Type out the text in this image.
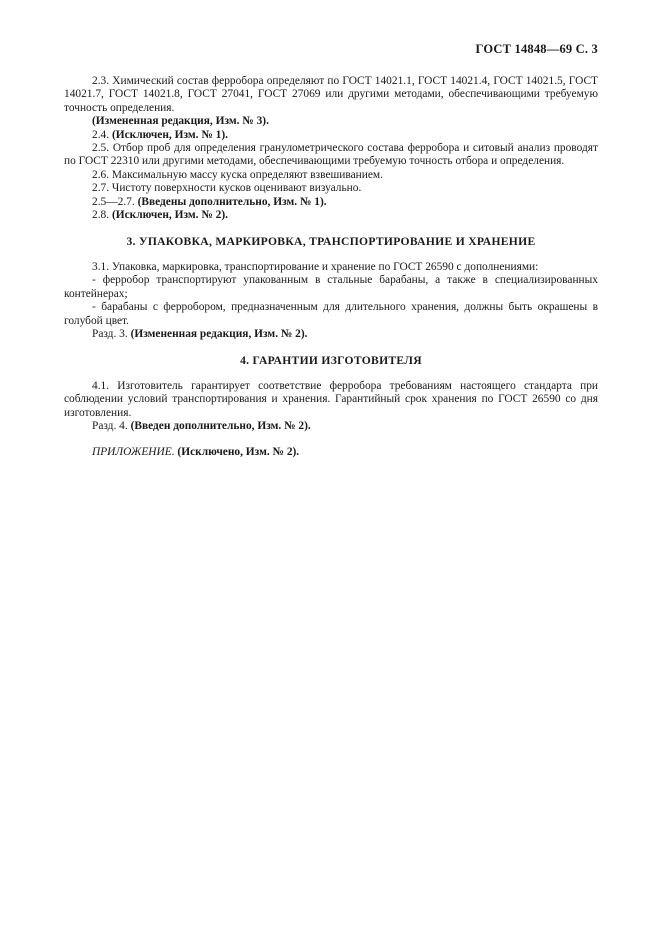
ГОСТ 14848—69 С. 3

2.3. Химический состав ферробора определяют по ГОСТ 14021.1, ГОСТ 14021.4, ГОСТ 14021.5, ГОСТ 14021.7, ГОСТ 14021.8, ГОСТ 27041, ГОСТ 27069 или другими методами, обеспечивающими требуемую точность определения.

(Измененная редакция, Изм. № 3).

2.4. (Исключен, Изм. № 1).

2.5. Отбор проб для определения гранулометрического состава ферробора и ситовый анализ проводят по ГОСТ 22310 или другими методами, обеспечивающими требуемую точность отбора и определения.

2.6. Максимальную массу куска определяют взвешиванием.

2.7. Чистоту поверхности кусков оценивают визуально.

2.5—2.7. (Введены дополнительно, Изм. № 1).

2.8. (Исключен, Изм. № 2).

3. УПАКОВКА, МАРКИРОВКА, ТРАНСПОРТИРОВАНИЕ И ХРАНЕНИЕ

3.1. Упаковка, маркировка, транспортирование и хранение по ГОСТ 26590 с дополнениями:

- ферробор транспортируют упакованным в стальные барабаны, а также в специализированных контейнерах;

- барабаны с ферробором, предназначенным для длительного хранения, должны быть окрашены в голубой цвет.

Разд. 3. (Измененная редакция, Изм. № 2).

4. ГАРАНТИИ ИЗГОТОВИТЕЛЯ

4.1. Изготовитель гарантирует соответствие ферробора требованиям настоящего стандарта при соблюдении условий транспортирования и хранения. Гарантийный срок хранения по ГОСТ 26590 со дня изготовления.

Разд. 4. (Введен дополнительно, Изм. № 2).

ПРИЛОЖЕНИЕ. (Исключено, Изм. № 2).
